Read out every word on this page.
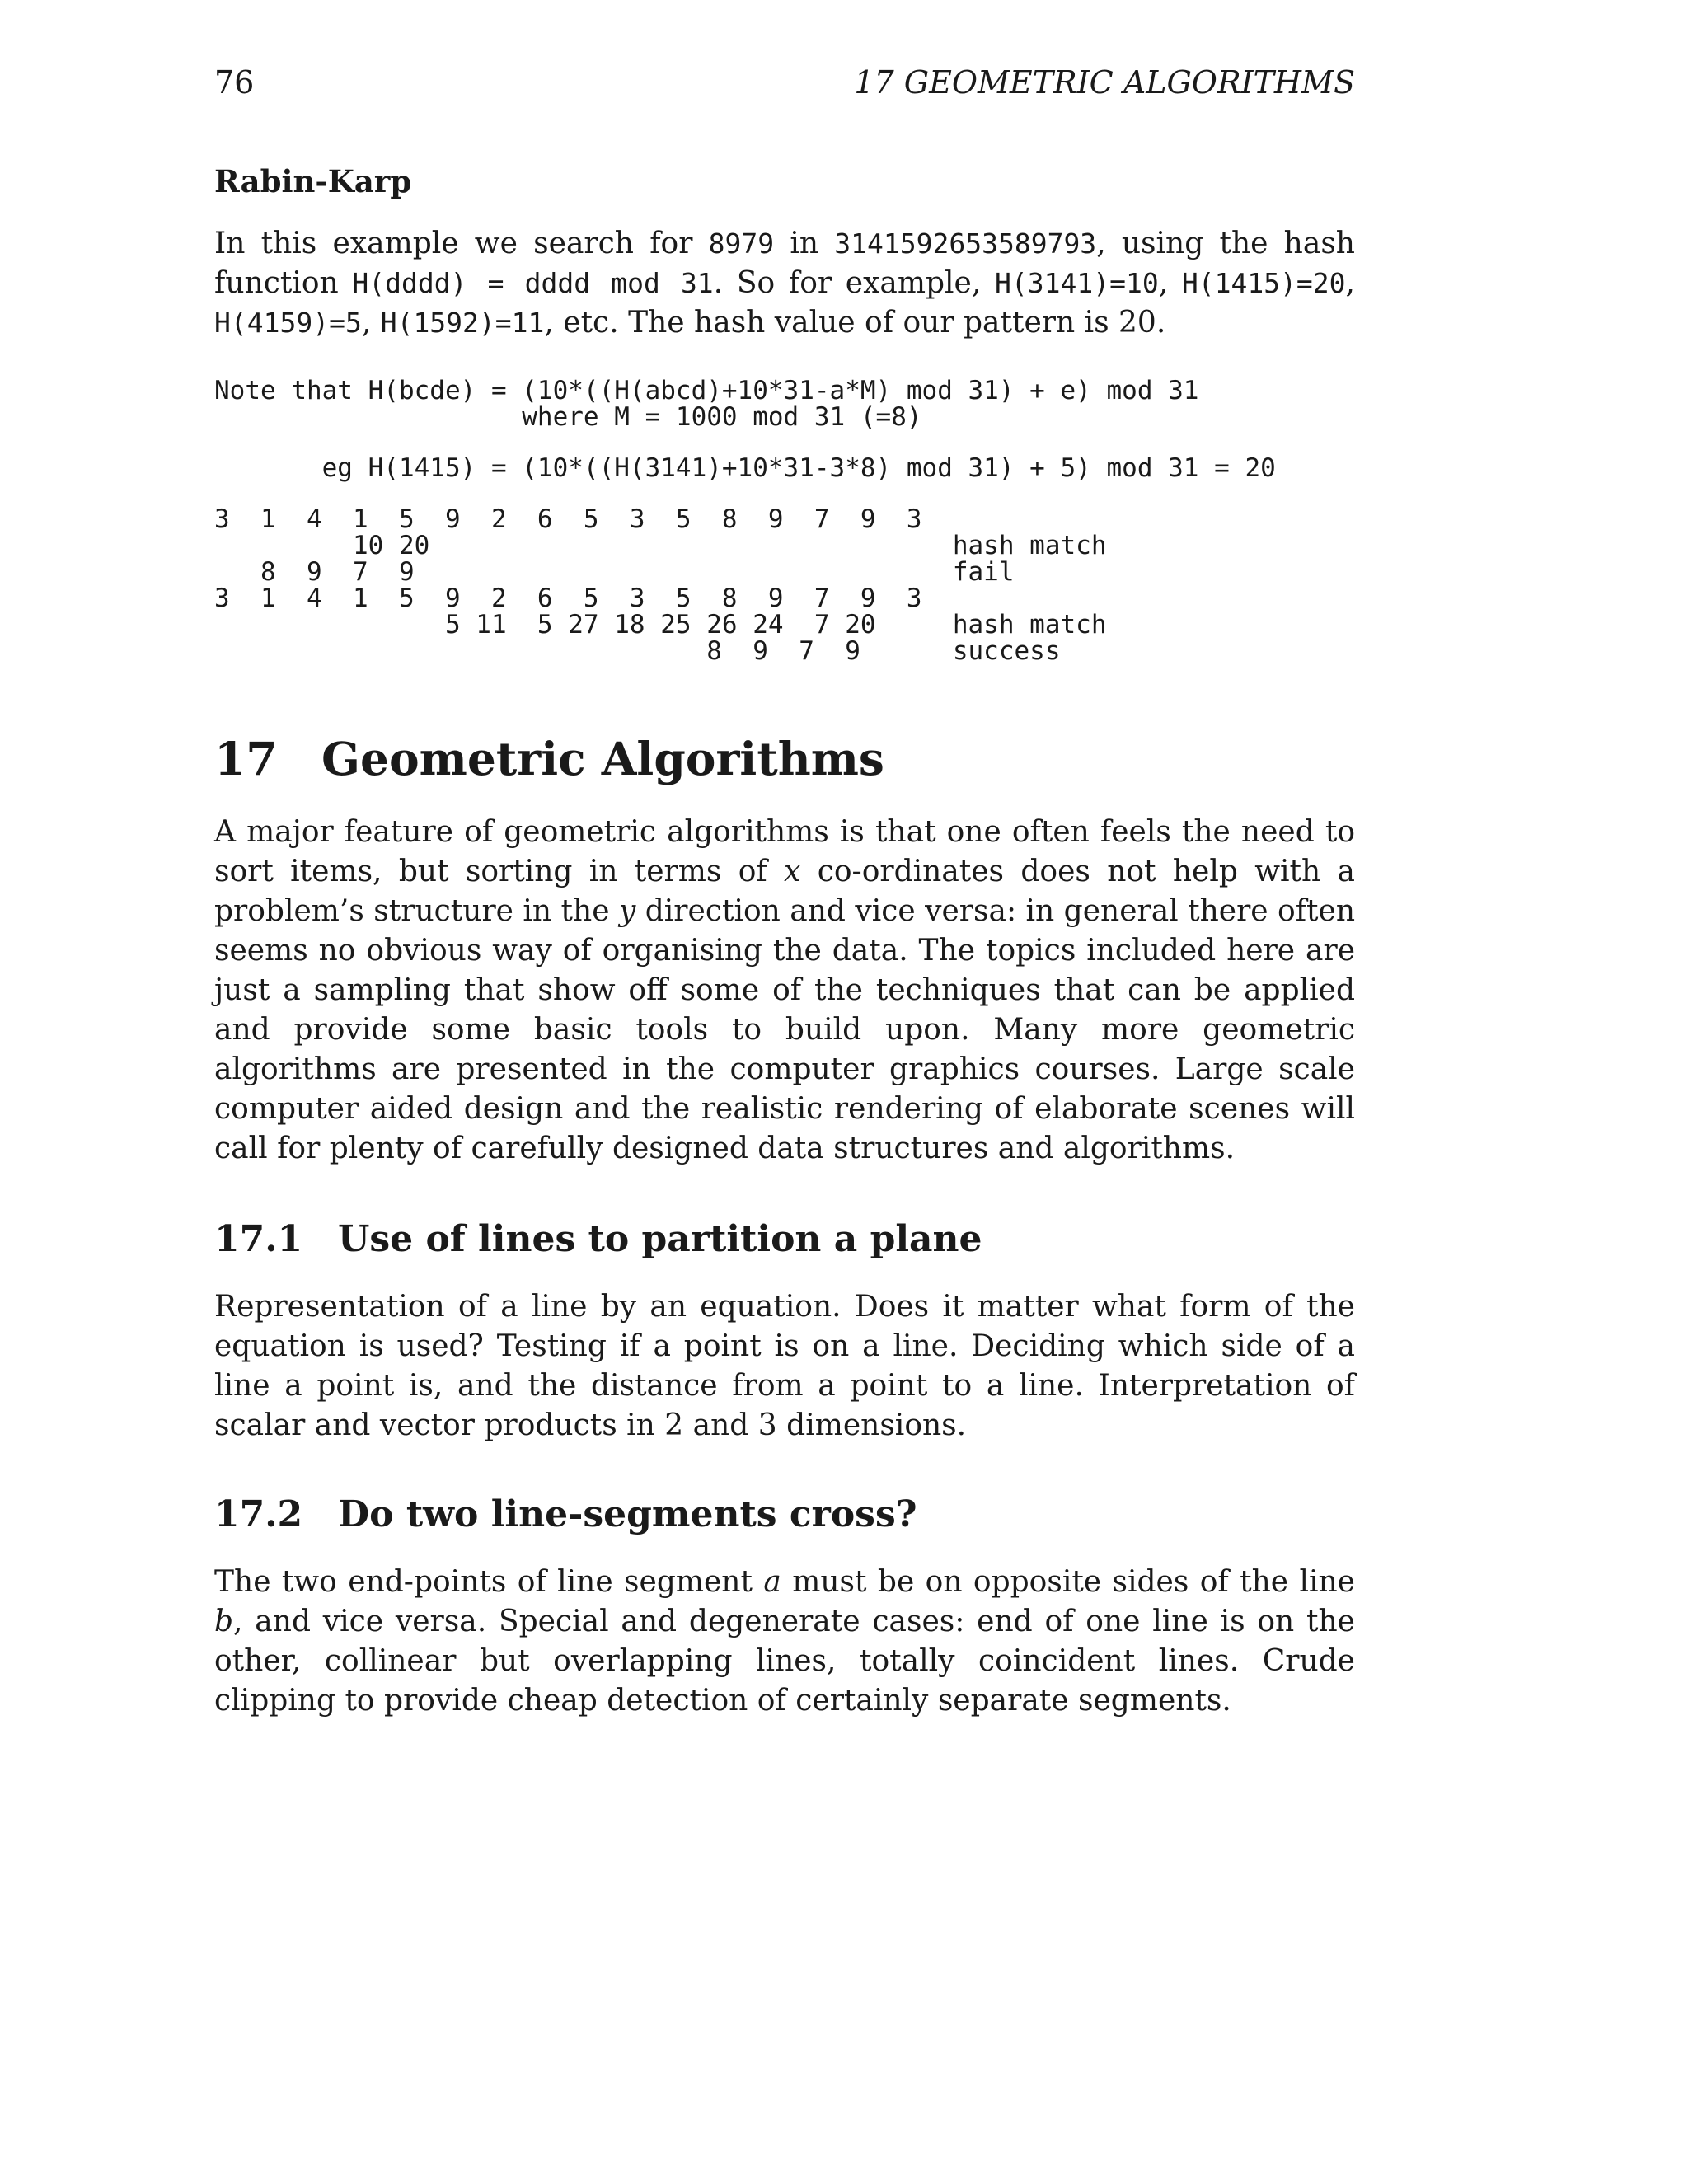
76	17 GEOMETRIC ALGORITHMS
Rabin-Karp

In this example we search for 8979 in 3141592653589793, using the hash function H(dddd) = dddd mod 31. So for example, H(3141)=10, H(1415)=20, H(4159)=5, H(1592)=11, etc. The hash value of our pattern is 20.

Note that H(bcde) = (10*((H(abcd)+10*31-a*M) mod 31) + e) mod 31
where M = 1000 mod 31 (=8)
eg H(1415) = (10*((H(3141)+10*31-3*8) mod 31) + 5) mod 31 = 20
3  1  4  1  5  9  2  6  5  3  5  8  9  7  9  3
10 20                                  hash match
8  9  7  9                                   fail
3  1  4  1  5  9  2  6  5  3  5  8  9  7  9  3
5 11  5 27 18 25 26 24  7 20     hash match
8  9  7  9      success
17 Geometric Algorithms

A major feature of geometric algorithms is that one often feels the need to sort items, but sorting in terms of x co-ordinates does not help with a problem’s structure in the y direction and vice versa: in general there often seems no obvious way of organising the data. The topics included here are just a sampling that show off some of the techniques that can be applied and provide some basic tools to build upon. Many more geometric algorithms are presented in the computer graphics courses. Large scale computer aided design and the realistic rendering of elaborate scenes will call for plenty of carefully designed data structures and algorithms.

17.1 Use of lines to partition a plane

Representation of a line by an equation. Does it matter what form of the equation is used? Testing if a point is on a line. Deciding which side of a line a point is, and the distance from a point to a line. Interpretation of scalar and vector products in 2 and 3 dimensions.

17.2 Do two line-segments cross?

The two end-points of line segment a must be on opposite sides of the line b, and vice versa. Special and degenerate cases: end of one line is on the other, collinear but overlapping lines, totally coincident lines. Crude clipping to provide cheap detection of certainly separate segments.
